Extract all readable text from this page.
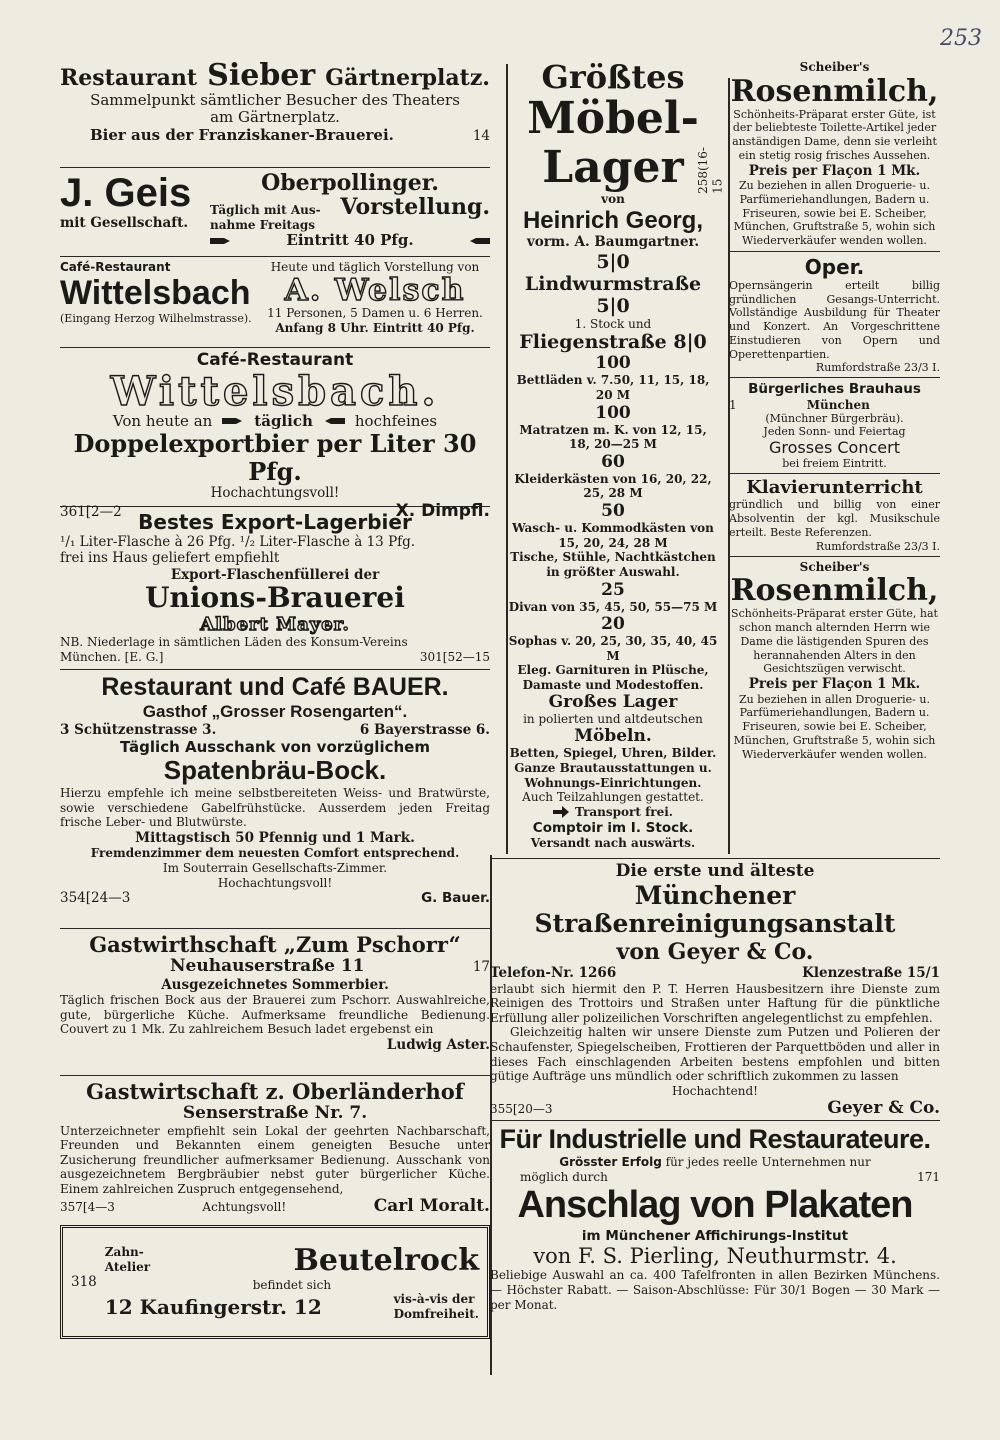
253
Restaurant Sieber Gärtnerplatz.
Sammelpunkt sämtlicher Besucher des Theaters
am Gärtnerplatz.
Bier aus der Franziskaner-Brauerei.	14
J. Geis
mit Gesellschaft.
Oberpollinger.
Täglich mit Aus-
nahme Freitags
Vorstellung.
Eintritt 40 Pfg.
Café-Restaurant
Wittelsbach
(Eingang Herzog Wilhelmstrasse).
Heute und täglich Vorstellung von
A. Welsch
11 Personen, 5 Damen u. 6 Herren.
Anfang 8 Uhr. Eintritt 40 Pfg.
Café-Restaurant
Wittelsbach.
Von heute an	täglich	hochfeines
Doppelexportbier per Liter 30 Pfg.
Hochachtungsvoll!
361[2—2	X. Dimpfl.
Bestes Export-Lagerbier
¹/₁ Liter-Flasche à 26 Pfg. ¹/₂ Liter-Flasche à 13 Pfg.
frei ins Haus geliefert empfiehlt
Export-Flaschenfüllerei der
Unions-Brauerei
Albert Mayer.
NB. Niederlage in sämtlichen Läden des Konsum-Vereins
München. [E. G.]	301[52—15
Restaurant und Café BAUER.
Gasthof „Grosser Rosengarten“.
3 Schützenstrasse 3.	6 Bayerstrasse 6.
Täglich Ausschank von vorzüglichem
Spatenbräu-Bock.
Hierzu empfehle ich meine selbstbereiteten Weiss- und Bratwürste, sowie verschiedene Gabelfrühstücke. Ausserdem jeden Freitag frische Leber- und Blutwürste.
Mittagstisch 50 Pfennig und 1 Mark.
Fremdenzimmer dem neuesten Comfort entsprechend.
Im Souterrain Gesellschafts-Zimmer.
Hochachtungsvoll!
354[24—3	G. Bauer.
Gastwirthschaft „Zum Pschorr“
Neuhauserstraße 11	17
Ausgezeichnetes Sommerbier.
Täglich frischen Bock aus der Brauerei zum Pschorr. Auswahlreiche, gute, bürgerliche Küche. Aufmerksame freundliche Bedienung. Couvert zu 1 Mk. Zu zahlreichem Besuch ladet ergebenst ein
Ludwig Aster.
Gastwirtschaft z. Oberländerhof
Senserstraße Nr. 7.
Unterzeichneter empfiehlt sein Lokal der geehrten Nachbarschaft, Freunden und Bekannten einem geneigten Besuche unter Zusicherung freundlicher aufmerksamer Bedienung. Ausschank von ausgezeichnetem Bergbräubier nebst guter bürgerlicher Küche. Einem zahlreichen Zuspruch entgegensehend,
357[4—3	Achtungsvoll!	Carl Moralt.
318
Zahn-
Atelier	Beutelrock
befindet sich
12 Kaufingerstr. 12	vis-à-vis der
Domfreiheit.
Größtes
Möbel-
Lager	258(16-15
von
Heinrich Georg,
vorm. A. Baumgartner.
5|0 Lindwurmstraße 5|0
1. Stock und
Fliegenstraße 8|0
100
Bettläden v. 7.50, 11, 15, 18, 20 M
100
Matratzen m. K. von 12, 15, 18, 20—25 M
60
Kleiderkästen von 16, 20, 22, 25, 28 M
50
Wasch- u. Kommodkästen von 15, 20, 24, 28 M
Tische, Stühle, Nachtkästchen in größter Auswahl.
25
Divan von 35, 45, 50, 55—75 M
20
Sophas v. 20, 25, 30, 35, 40, 45 M
Eleg. Garnituren in Plüsche, Damaste und Modestoffen.
Großes Lager
in polierten und altdeutschen
Möbeln.
Betten, Spiegel, Uhren, Bilder.
Ganze Brautausstattungen u. Wohnungs-Einrichtungen.
Auch Teilzahlungen gestattet.
Transport frei.
Comptoir im I. Stock.
Versandt nach auswärts.
Scheiber's
Rosenmilch,
Schönheits-Präparat erster Güte, ist der beliebteste Toilette-Artikel jeder anständigen Dame, denn sie verleiht ein stetig rosig frisches Aussehen.
Preis per Flaçon 1 Mk.
Zu beziehen in allen Droguerie- u. Parfümeriehandlungen, Badern u. Friseuren, sowie bei E. Scheiber, München, Gruftstraße 5, wohin sich Wiederverkäufer wenden wollen.
Oper.
Opernsängerin erteilt billig gründlichen Gesangs-Unterricht. Vollständige Ausbildung für Theater und Konzert. An Vorgeschrittene Einstudieren von Opern und Operettenpartien.
Rumfordstraße 23/3 I.
Bürgerliches Brauhaus
1	München
(Münchner Bürgerbräu).
Jeden Sonn- und Feiertag
Grosses Concert
bei freiem Eintritt.
Klavierunterricht
gründlich und billig von einer Absolventin der kgl. Musikschule erteilt. Beste Referenzen.
Rumfordstraße 23/3 I.
Scheiber's
Rosenmilch,
Schönheits-Präparat erster Güte, hat schon manch alternden Herrn wie Dame die lästigenden Spuren des herannahenden Alters in den Gesichtszügen verwischt.
Preis per Flaçon 1 Mk.
Zu beziehen in allen Droguerie- u. Parfümeriehandlungen, Badern u. Friseuren, sowie bei E. Scheiber, München, Gruftstraße 5, wohin sich Wiederverkäufer wenden wollen.
Die erste und älteste
Münchener Straßenreinigungsanstalt
von Geyer & Co.
Telefon-Nr. 1266	Klenzestraße 15/1
erlaubt sich hiermit den P. T. Herren Hausbesitzern ihre Dienste zum Reinigen des Trottoirs und Straßen unter Haftung für die pünktliche Erfüllung aller polizeilichen Vorschriften angelegentlichst zu empfehlen.
Gleichzeitig halten wir unsere Dienste zum Putzen und Polieren der Schaufenster, Spiegelscheiben, Frottieren der Parquettböden und aller in dieses Fach einschlagenden Arbeiten bestens empfohlen und bitten gütige Aufträge uns mündlich oder schriftlich zukommen zu lassen
Hochachtend!
355[20—3	Geyer & Co.
Für Industrielle und Restaurateure.
Grösster Erfolg für jedes reelle Unternehmen nur
möglich durch	171
Anschlag von Plakaten
im Münchener Affichirungs-Institut
von F. S. Pierling, Neuthurmstr. 4.
Beliebige Auswahl an ca. 400 Tafelfronten in allen Bezirken Münchens. — Höchster Rabatt. — Saison-Abschlüsse: Für 30/1 Bogen — 30 Mark — per Monat.
